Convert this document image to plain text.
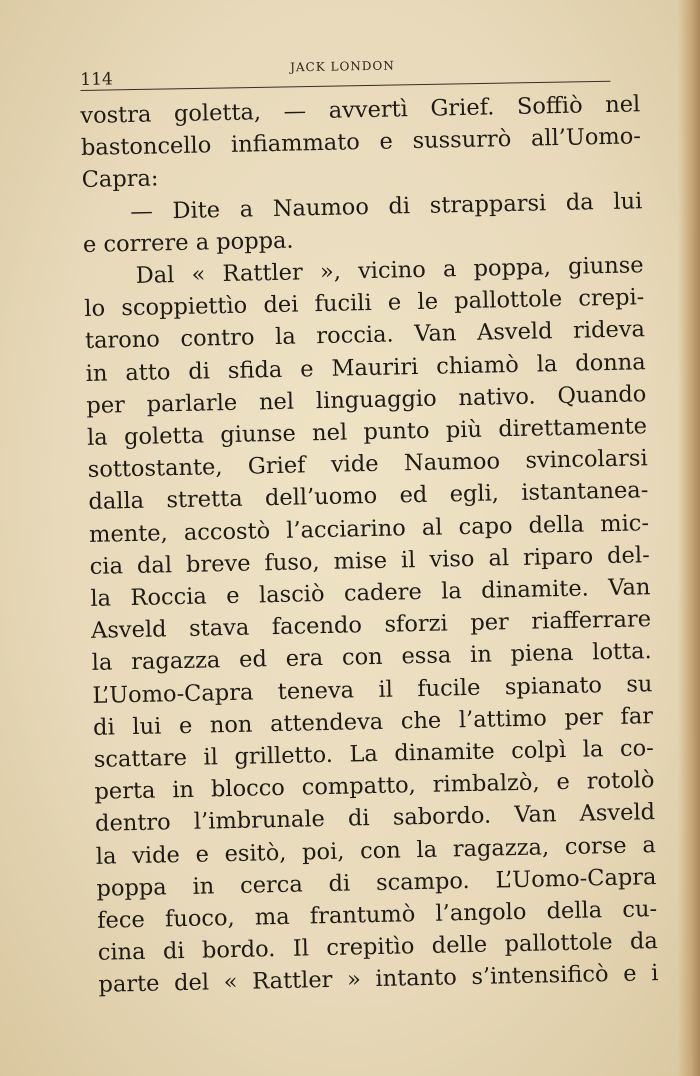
114
JACK LONDON
vostra goletta, — avvertì Grief. Soffiò nel
bastoncello infiammato e sussurrò all’Uomo-
Capra:
— Dite a Naumoo di strapparsi da lui
e correre a poppa.
Dal « Rattler », vicino a poppa, giunse
lo scoppiettìo dei fucili e le pallottole crepi-
tarono contro la roccia. Van Asveld rideva
in atto di sfida e Mauriri chiamò la donna
per parlarle nel linguaggio nativo. Quando
la goletta giunse nel punto più direttamente
sottostante, Grief vide Naumoo svincolarsi
dalla stretta dell’uomo ed egli, istantanea-
mente, accostò l’acciarino al capo della mic-
cia dal breve fuso, mise il viso al riparo del-
la Roccia e lasciò cadere la dinamite. Van
Asveld stava facendo sforzi per riafferrare
la ragazza ed era con essa in piena lotta.
L’Uomo-Capra teneva il fucile spianato su
di lui e non attendeva che l’attimo per far
scattare il grilletto. La dinamite colpì la co-
perta in blocco compatto, rimbalzò, e rotolò
dentro l’imbrunale di sabordo. Van Asveld
la vide e esitò, poi, con la ragazza, corse a
poppa in cerca di scampo. L’Uomo-Capra
fece fuoco, ma frantumò l’angolo della cu-
cina di bordo. Il crepitìo delle pallottole da
parte del « Rattler » intanto s’intensificò e i
